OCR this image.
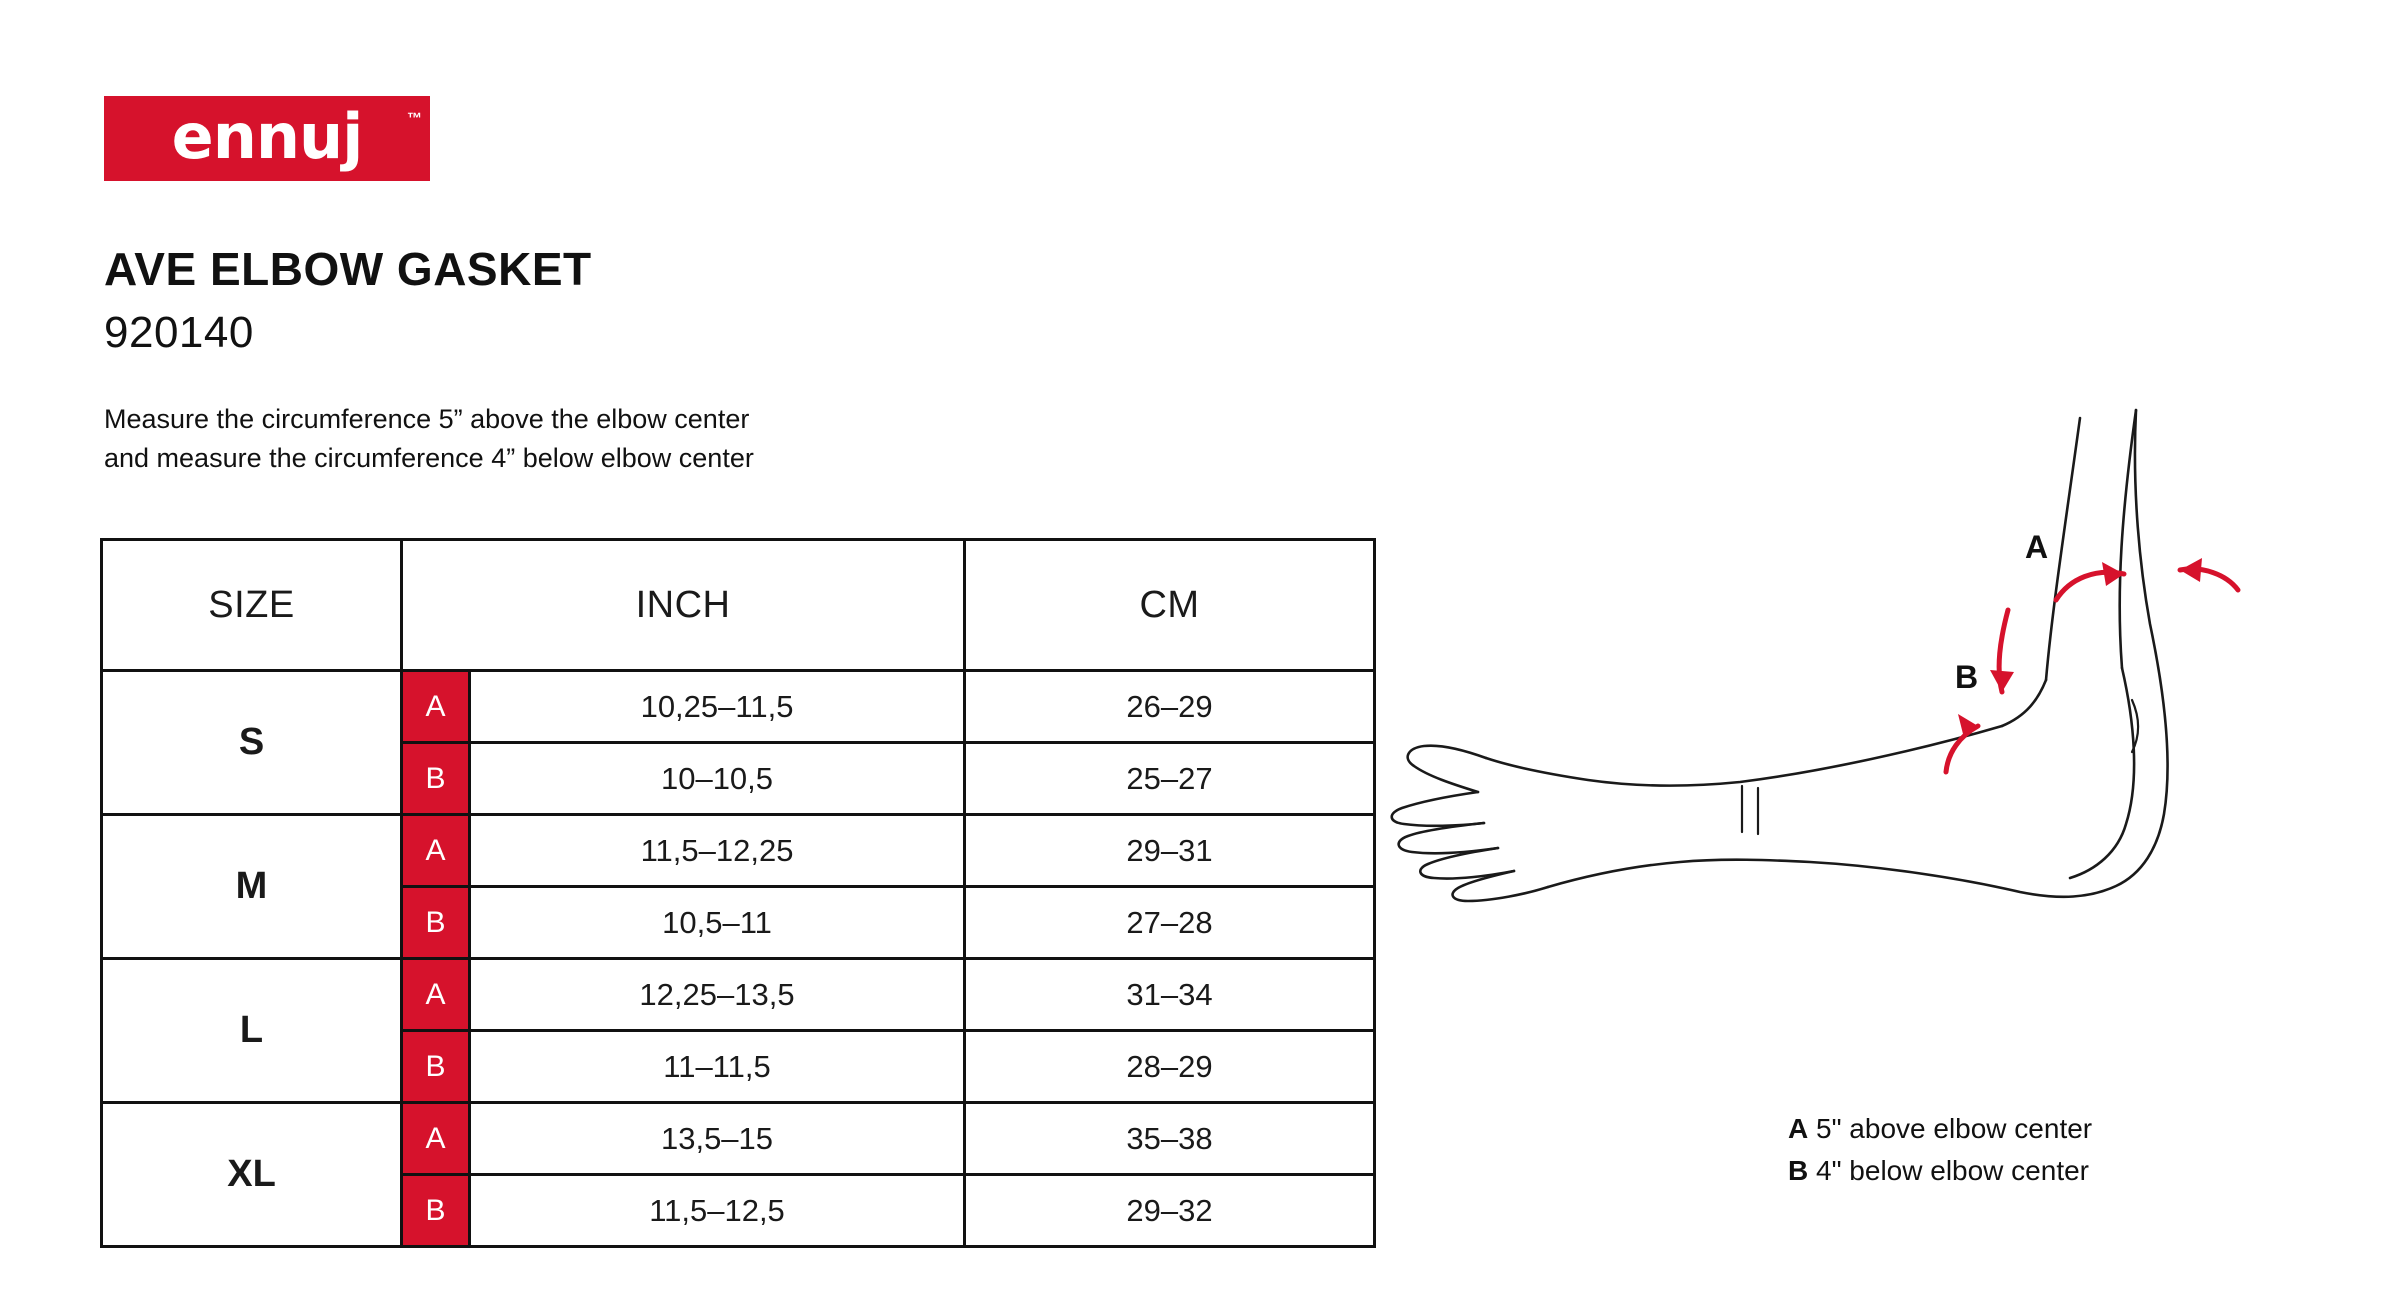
ennuj	™
AVE ELBOW GASKET
920140
Measure the circumference 5” above the elbow center
and measure the circumference 4” below elbow center
SIZE	INCH		CM
S	A	10,25–11,5	26–29
	B	10–10,5	25–27
M	A	11,5–12,25	29–31
	B	10,5–11	27–28
L	A	12,25–13,5	31–34
	B	11–11,5	28–29
XL	A	13,5–15	35–38
	B	11,5–12,5	29–32
A
B
A 5" above elbow center
B 4" below elbow center
